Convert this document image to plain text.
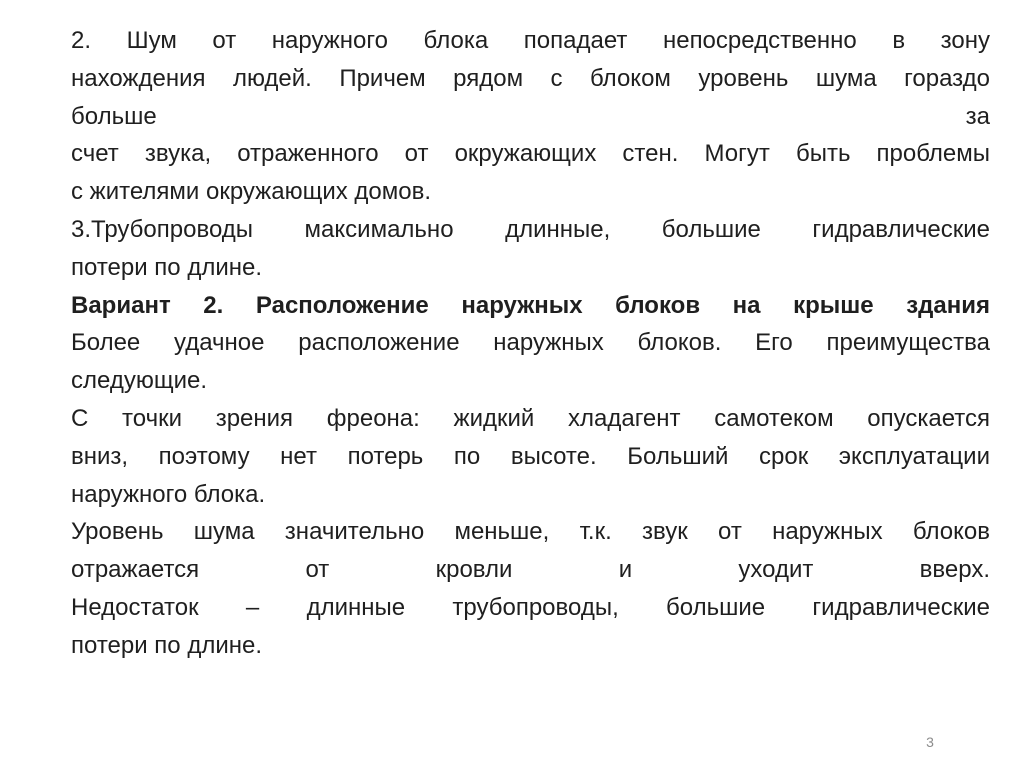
2. Шум от наружного блока попадает непосредственно в зону
нахождения людей. Причем рядом с блоком уровень шума гораздо
больше за
счет звука, отраженного от окружающих стен. Могут быть проблемы
с жителями окружающих домов.
3.Трубопроводы максимально длинные, большие гидравлические
потери по длине.
Вариант 2. Расположение наружных блоков на крыше здания
Более удачное расположение наружных блоков. Его преимущества
следующие.
С точки зрения фреона: жидкий хладагент самотеком опускается
вниз, поэтому нет потерь по высоте. Больший срок эксплуатации
наружного блока.
Уровень шума значительно меньше, т.к. звук от наружных блоков
отражается от кровли и уходит вверх.
Недостаток – длинные трубопроводы, большие гидравлические
потери по длине.
3
